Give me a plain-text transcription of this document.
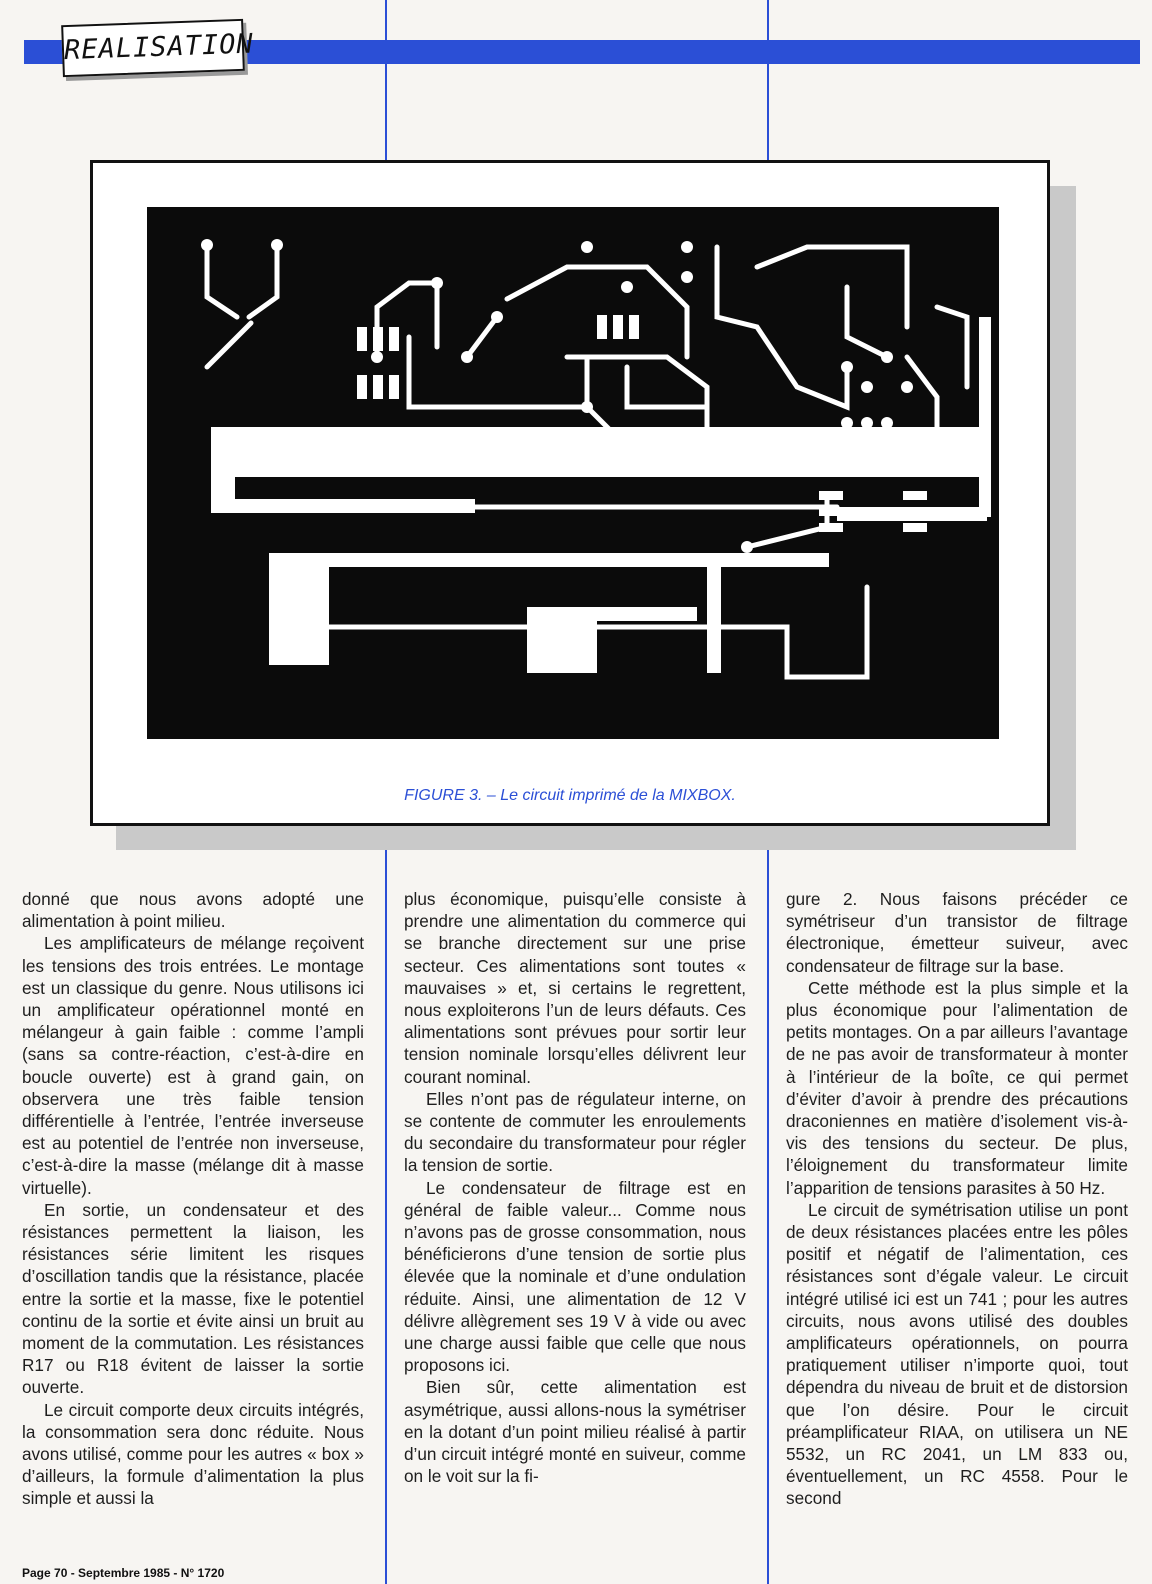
REALISATION
FIGURE 3. – Le circuit imprimé de la MIXBOX.

donné que nous avons adopté une alimentation à point milieu.

Les amplificateurs de mélange reçoivent les tensions des trois entrées. Le montage est un classique du genre. Nous utilisons ici un amplificateur opérationnel monté en mélangeur à gain faible : comme l’ampli (sans sa contre-réaction, c’est-à-dire en boucle ouverte) est à grand gain, on observera une très faible tension différentielle à l’entrée, l’entrée inverseuse est au potentiel de l’entrée non inverseuse, c’est-à-dire la masse (mélange dit à masse virtuelle).

En sortie, un condensateur et des résistances permettent la liaison, les résistances série limitent les risques d’oscillation tandis que la résistance, placée entre la sortie et la masse, fixe le potentiel continu de la sortie et évite ainsi un bruit au moment de la commutation. Les résistances R17 ou R18 évitent de laisser la sortie ouverte.

Le circuit comporte deux circuits intégrés, la consommation sera donc réduite. Nous avons utilisé, comme pour les autres « box » d’ailleurs, la formule d’alimentation la plus simple et aussi la

plus économique, puisqu’elle consiste à prendre une alimentation du commerce qui se branche directement sur une prise secteur. Ces alimentations sont toutes « mauvaises » et, si certains le regrettent, nous exploiterons l’un de leurs défauts. Ces alimentations sont prévues pour sortir leur tension nominale lorsqu’elles délivrent leur courant nominal.

Elles n’ont pas de régulateur interne, on se contente de commuter les enroulements du secondaire du transformateur pour régler la tension de sortie.

Le condensateur de filtrage est en général de faible valeur... Comme nous n’avons pas de grosse consommation, nous bénéficierons d’une tension de sortie plus élevée que la nominale et d’une ondulation réduite. Ainsi, une alimentation de 12 V délivre allègrement ses 19 V à vide ou avec une charge aussi faible que celle que nous proposons ici.

Bien sûr, cette alimentation est asymétrique, aussi allons-nous la symétriser en la dotant d’un point milieu réalisé à partir d’un circuit intégré monté en suiveur, comme on le voit sur la fi-

gure 2. Nous faisons précéder ce symétriseur d’un transistor de filtrage électronique, émetteur suiveur, avec condensateur de filtrage sur la base.

Cette méthode est la plus simple et la plus économique pour l’alimentation de petits montages. On a par ailleurs l’avantage de ne pas avoir de transformateur à monter à l’intérieur de la boîte, ce qui permet d’éviter d’avoir à prendre des précautions draconiennes en matière d’isolement vis-à-vis des tensions du secteur. De plus, l’éloignement du transformateur limite l’apparition de tensions parasites à 50 Hz.

Le circuit de symétrisation utilise un pont de deux résistances placées entre les pôles positif et négatif de l’alimentation, ces résistances sont d’égale valeur. Le circuit intégré utilisé ici est un 741 ; pour les autres circuits, nous avons utilisé des doubles amplificateurs opérationnels, on pourra pratiquement utiliser n’importe quoi, tout dépendra du niveau de bruit et de distorsion que l’on désire. Pour le circuit préamplificateur RIAA, on utilisera un NE 5532, un RC 2041, un LM 833 ou, éventuellement, un RC 4558. Pour le second

Page 70 - Septembre 1985 - N° 1720
